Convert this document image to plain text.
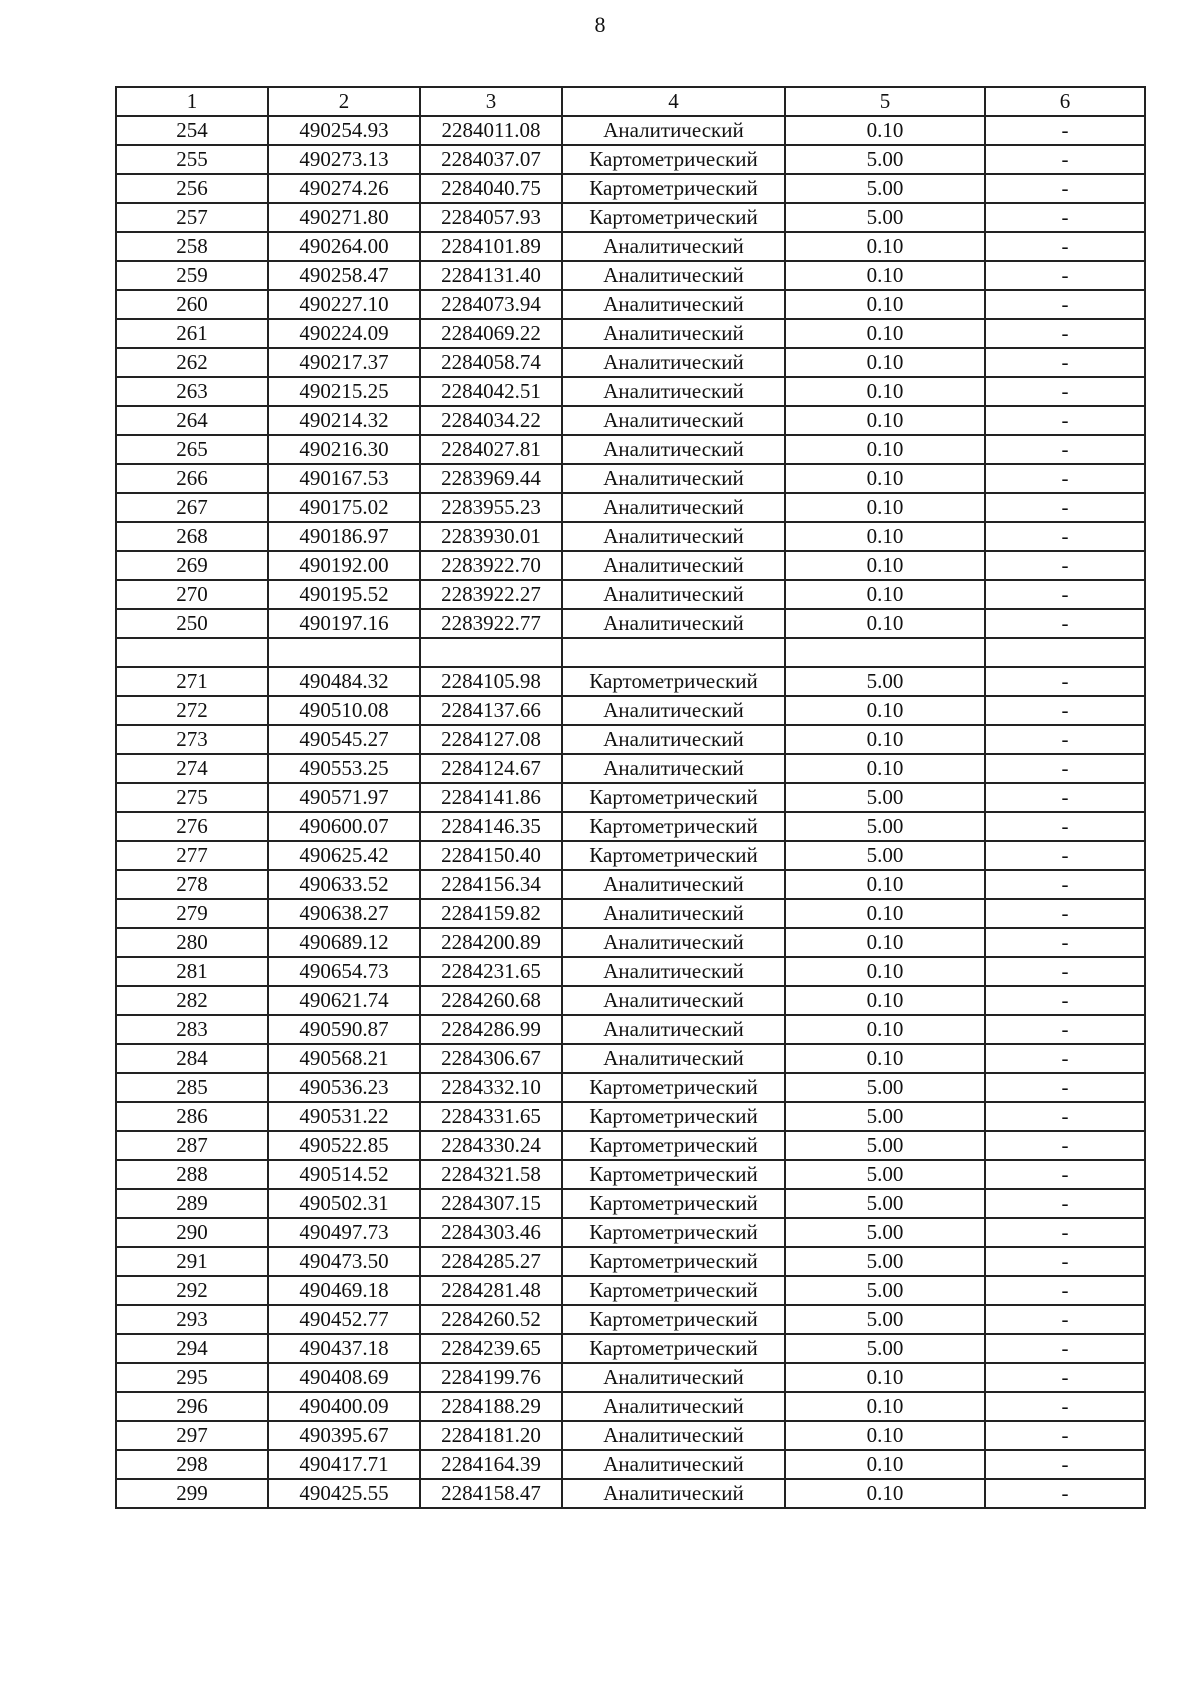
8
1	2	3	4	5	6
254	490254.93	2284011.08	Аналитический	0.10	-
255	490273.13	2284037.07	Картометрический	5.00	-
256	490274.26	2284040.75	Картометрический	5.00	-
257	490271.80	2284057.93	Картометрический	5.00	-
258	490264.00	2284101.89	Аналитический	0.10	-
259	490258.47	2284131.40	Аналитический	0.10	-
260	490227.10	2284073.94	Аналитический	0.10	-
261	490224.09	2284069.22	Аналитический	0.10	-
262	490217.37	2284058.74	Аналитический	0.10	-
263	490215.25	2284042.51	Аналитический	0.10	-
264	490214.32	2284034.22	Аналитический	0.10	-
265	490216.30	2284027.81	Аналитический	0.10	-
266	490167.53	2283969.44	Аналитический	0.10	-
267	490175.02	2283955.23	Аналитический	0.10	-
268	490186.97	2283930.01	Аналитический	0.10	-
269	490192.00	2283922.70	Аналитический	0.10	-
270	490195.52	2283922.27	Аналитический	0.10	-
250	490197.16	2283922.77	Аналитический	0.10	-

271	490484.32	2284105.98	Картометрический	5.00	-
272	490510.08	2284137.66	Аналитический	0.10	-
273	490545.27	2284127.08	Аналитический	0.10	-
274	490553.25	2284124.67	Аналитический	0.10	-
275	490571.97	2284141.86	Картометрический	5.00	-
276	490600.07	2284146.35	Картометрический	5.00	-
277	490625.42	2284150.40	Картометрический	5.00	-
278	490633.52	2284156.34	Аналитический	0.10	-
279	490638.27	2284159.82	Аналитический	0.10	-
280	490689.12	2284200.89	Аналитический	0.10	-
281	490654.73	2284231.65	Аналитический	0.10	-
282	490621.74	2284260.68	Аналитический	0.10	-
283	490590.87	2284286.99	Аналитический	0.10	-
284	490568.21	2284306.67	Аналитический	0.10	-
285	490536.23	2284332.10	Картометрический	5.00	-
286	490531.22	2284331.65	Картометрический	5.00	-
287	490522.85	2284330.24	Картометрический	5.00	-
288	490514.52	2284321.58	Картометрический	5.00	-
289	490502.31	2284307.15	Картометрический	5.00	-
290	490497.73	2284303.46	Картометрический	5.00	-
291	490473.50	2284285.27	Картометрический	5.00	-
292	490469.18	2284281.48	Картометрический	5.00	-
293	490452.77	2284260.52	Картометрический	5.00	-
294	490437.18	2284239.65	Картометрический	5.00	-
295	490408.69	2284199.76	Аналитический	0.10	-
296	490400.09	2284188.29	Аналитический	0.10	-
297	490395.67	2284181.20	Аналитический	0.10	-
298	490417.71	2284164.39	Аналитический	0.10	-
299	490425.55	2284158.47	Аналитический	0.10	-
